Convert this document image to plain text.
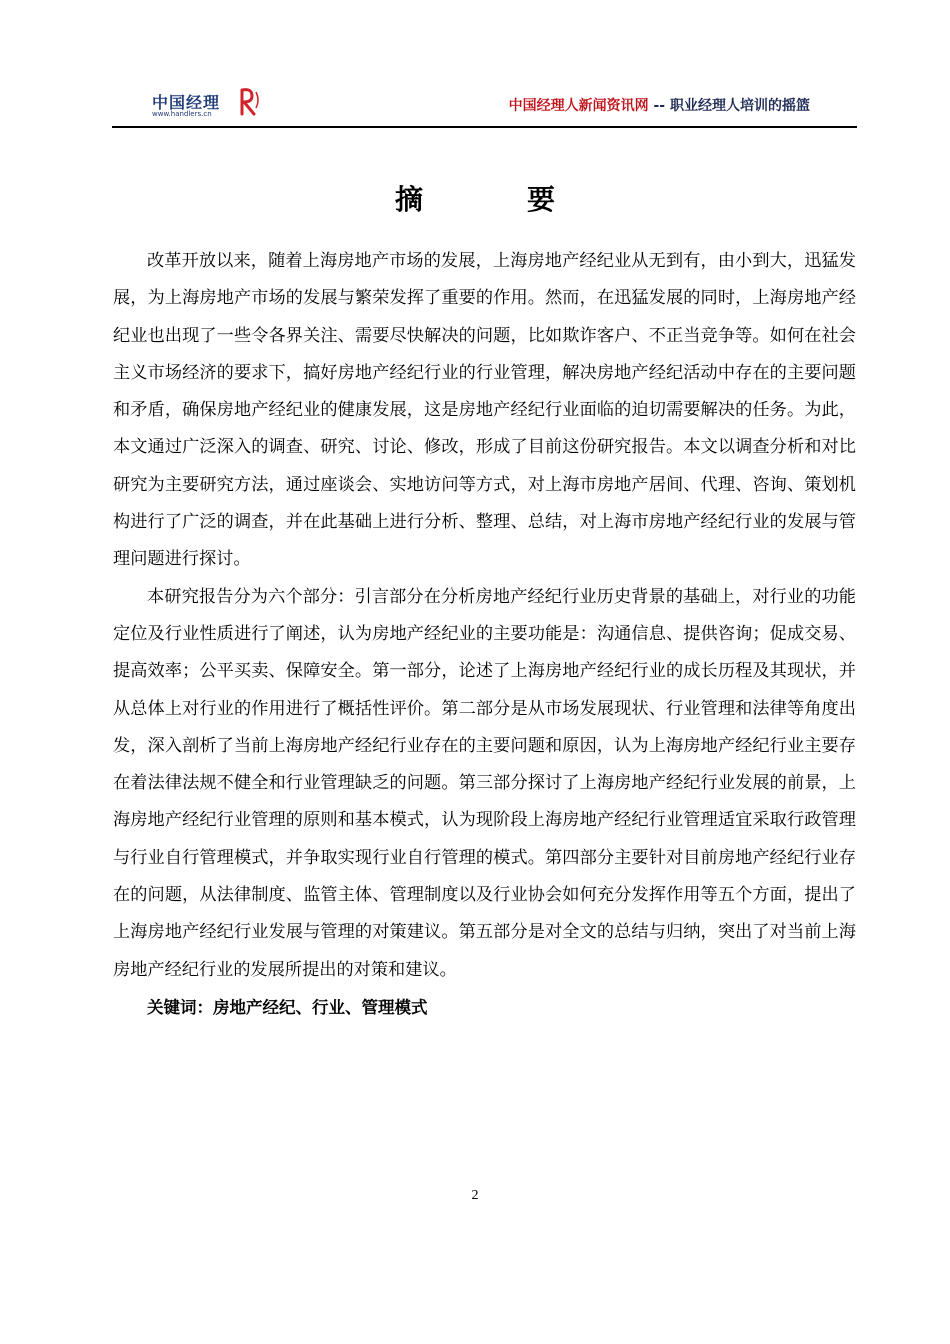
中国经理
www.handlers.cn	中国经理人新闻资讯网 -- 职业经理人培训的摇篮
摘	要

改革开放以来，随着上海房地产市场的发展，上海房地产经纪业从无到有，由小到大，迅猛发展，为上海房地产市场的发展与繁荣发挥了重要的作用。然而，在迅猛发展的同时，上海房地产经纪业也出现了一些令各界关注、需要尽快解决的问题，比如欺诈客户、不正当竞争等。如何在社会主义市场经济的要求下，搞好房地产经纪行业的行业管理，解决房地产经纪活动中存在的主要问题和矛盾，确保房地产经纪业的健康发展，这是房地产经纪行业面临的迫切需要解决的任务。为此，本文通过广泛深入的调查、研究、讨论、修改，形成了目前这份研究报告。本文以调查分析和对比研究为主要研究方法，通过座谈会、实地访问等方式，对上海市房地产居间、代理、咨询、策划机构进行了广泛的调查，并在此基础上进行分析、整理、总结，对上海市房地产经纪行业的发展与管理问题进行探讨。

本研究报告分为六个部分：引言部分在分析房地产经纪行业历史背景的基础上，对行业的功能定位及行业性质进行了阐述，认为房地产经纪业的主要功能是：沟通信息、提供咨询；促成交易、提高效率；公平买卖、保障安全。第一部分，论述了上海房地产经纪行业的成长历程及其现状，并从总体上对行业的作用进行了概括性评价。第二部分是从市场发展现状、行业管理和法律等角度出发，深入剖析了当前上海房地产经纪行业存在的主要问题和原因，认为上海房地产经纪行业主要存在着法律法规不健全和行业管理缺乏的问题。第三部分探讨了上海房地产经纪行业发展的前景，上海房地产经纪行业管理的原则和基本模式，认为现阶段上海房地产经纪行业管理适宜采取行政管理与行业自行管理模式，并争取实现行业自行管理的模式。第四部分主要针对目前房地产经纪行业存在的问题，从法律制度、监管主体、管理制度以及行业协会如何充分发挥作用等五个方面，提出了上海房地产经纪行业发展与管理的对策建议。第五部分是对全文的总结与归纳，突出了对当前上海房地产经纪行业的发展所提出的对策和建议。

关键词：房地产经纪、行业、管理模式

2
